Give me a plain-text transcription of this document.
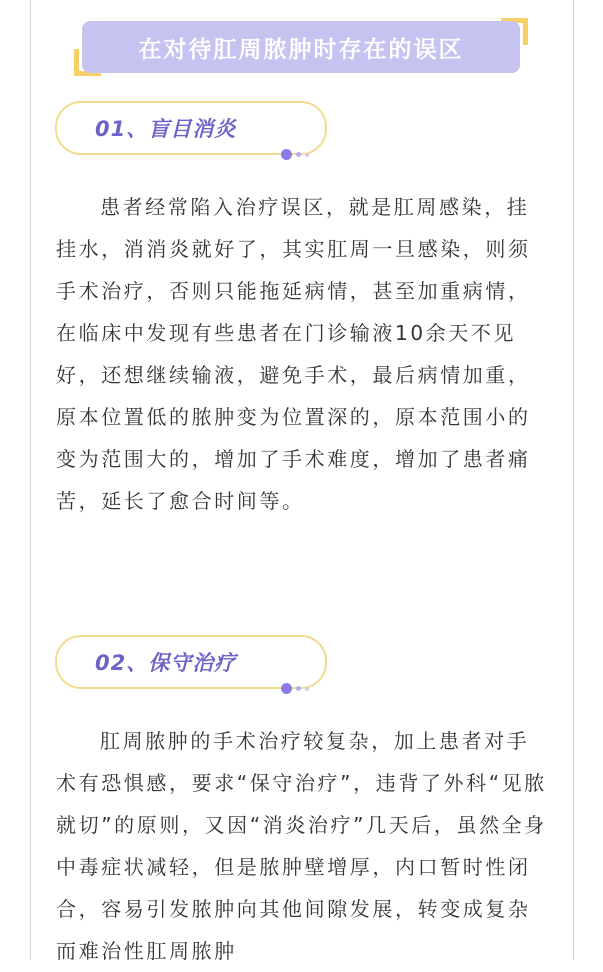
在对待肛周脓肿时存在的误区
01、盲目消炎

患者经常陷入治疗误区，就是肛周感染，挂挂水，消消炎就好了，其实肛周一旦感染，则须手术治疗，否则只能拖延病情，甚至加重病情，在临床中发现有些患者在门诊输液10余天不见好，还想继续输液，避免手术，最后病情加重，原本位置低的脓肿变为位置深的，原本范围小的变为范围大的，增加了手术难度，增加了患者痛苦，延长了愈合时间等。

02、保守治疗

肛周脓肿的手术治疗较复杂，加上患者对手术有恐惧感，要求“保守治疗”，违背了外科“见脓就切”的原则，又因“消炎治疗”几天后，虽然全身中毒症状减轻，但是脓肿壁增厚，内口暂时性闭合，容易引发脓肿向其他间隙发展，转变成复杂而难治性肛周脓肿
